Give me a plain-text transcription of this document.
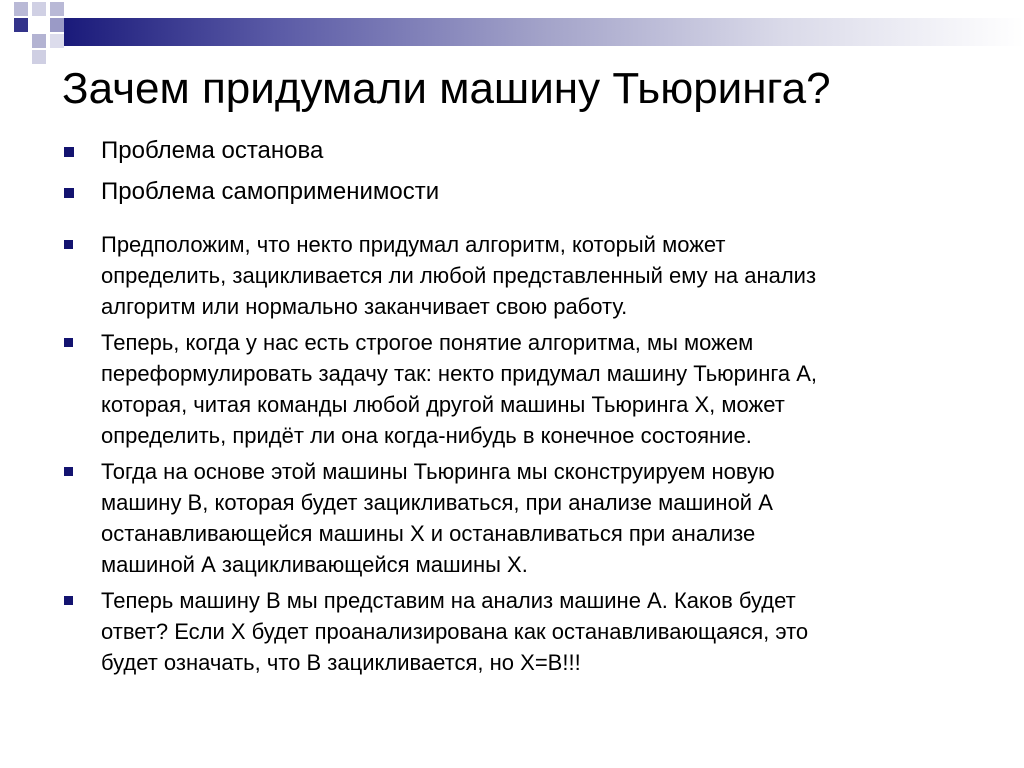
Зачем придумали машину Тьюринга?
Проблема останова
Проблема самоприменимости
Предположим, что некто придумал алгоритм, который может
определить, зацикливается ли любой представленный ему на анализ
алгоритм или нормально заканчивает свою работу.
Теперь, когда у нас есть строгое понятие алгоритма, мы можем
переформулировать задачу так: некто придумал машину Тьюринга А,
которая, читая команды любой другой машины Тьюринга Х, может
определить, придёт ли она когда-нибудь в конечное состояние.
Тогда на основе этой машины Тьюринга мы сконструируем новую
машину В, которая будет зацикливаться, при анализе машиной А
останавливающейся машины Х и останавливаться при анализе
машиной А зацикливающейся машины Х.
Теперь машину В мы представим на анализ машине А. Каков будет
ответ? Если Х будет проанализирована как останавливающаяся, это
будет означать, что В зацикливается, но Х=В!!!
